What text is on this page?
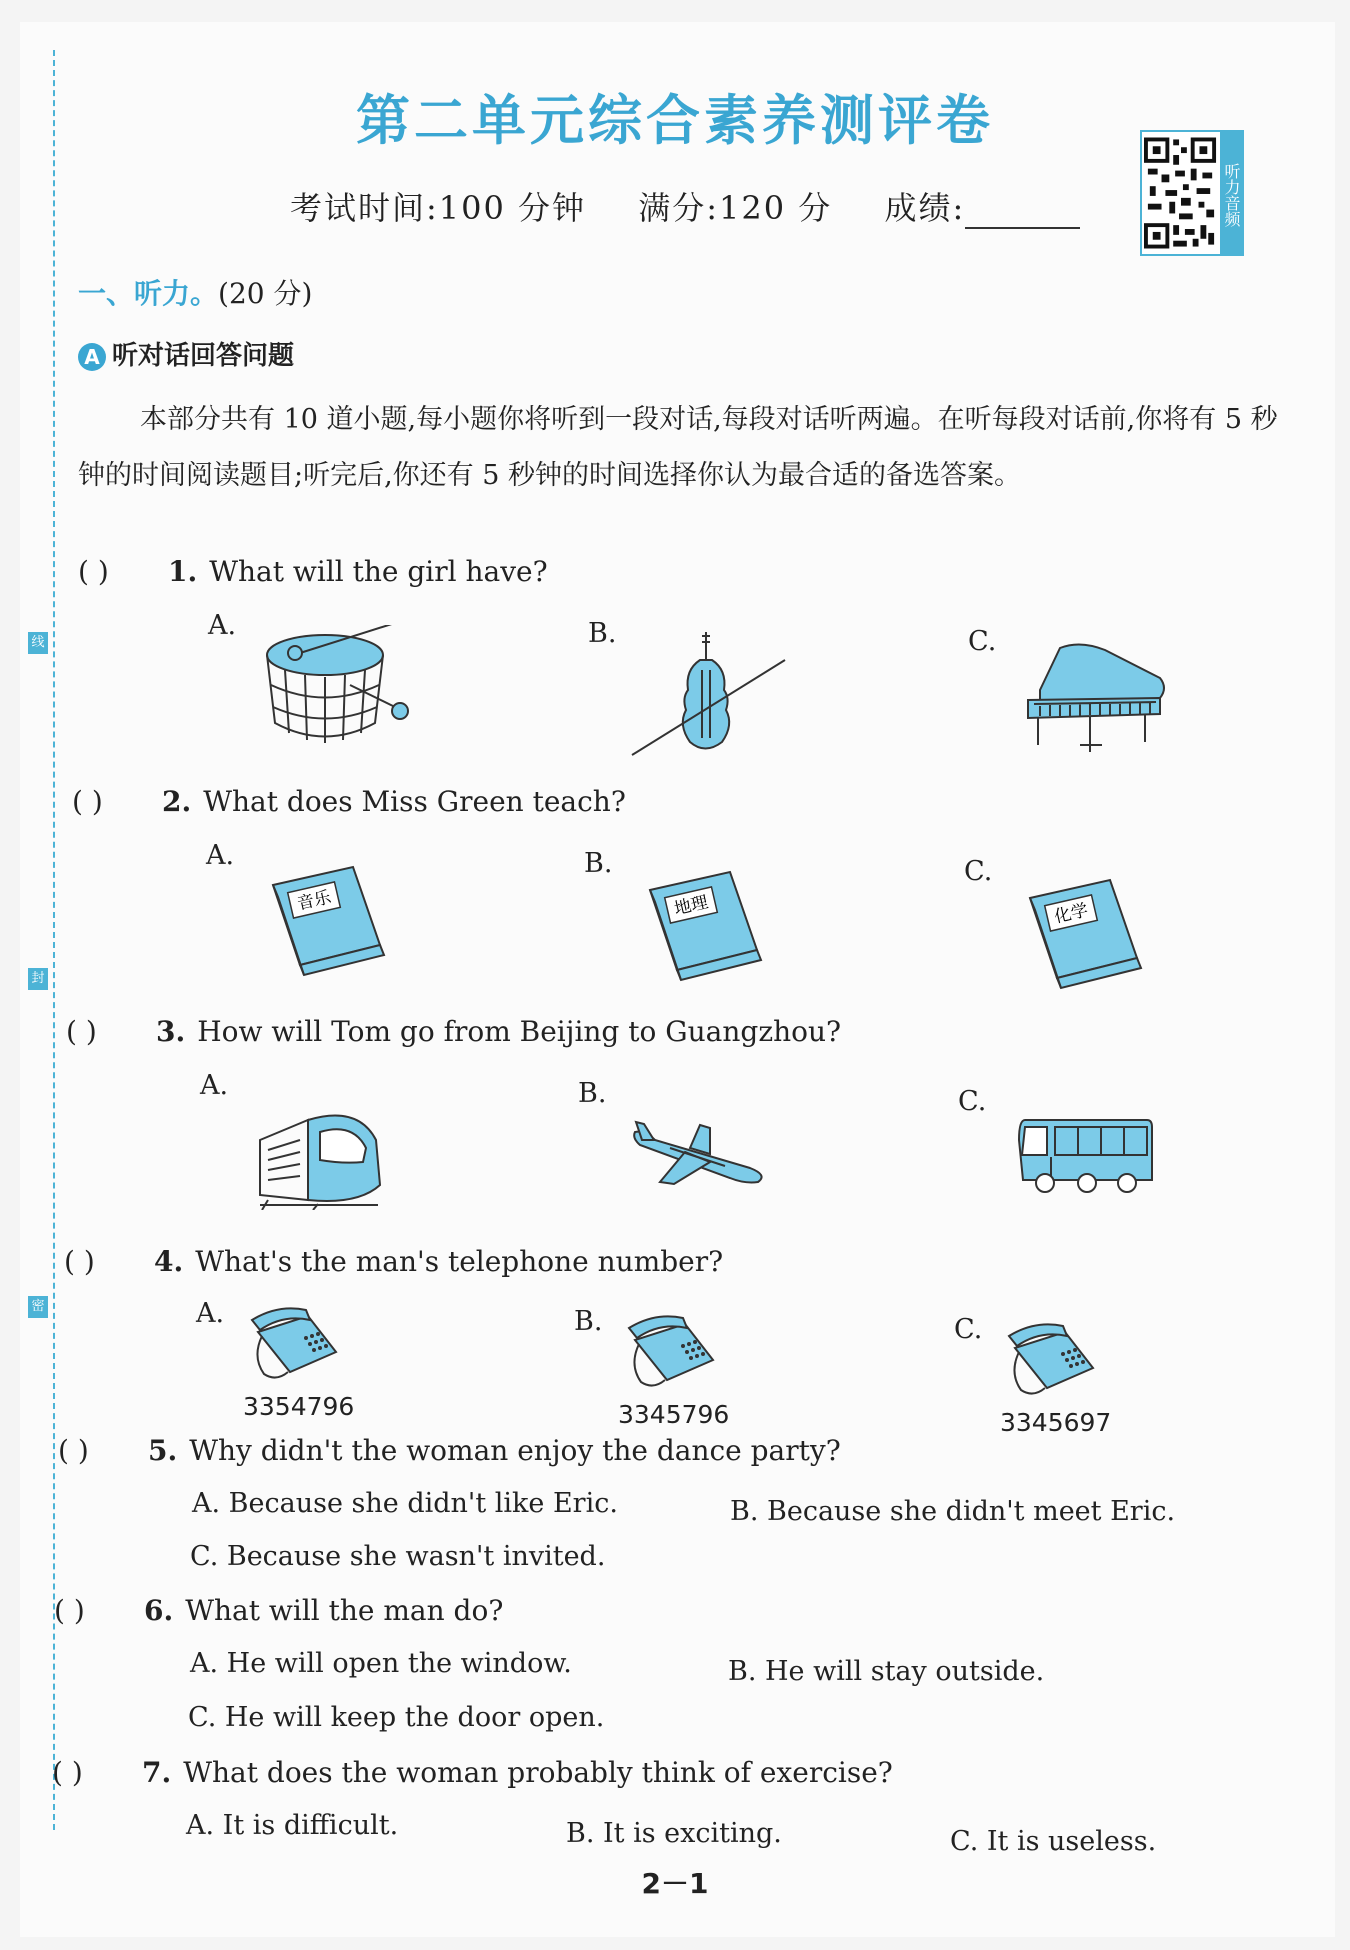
线
封
密
第二单元综合素养测评卷
考试时间:100 分钟 满分:120 分 成绩:	听力音频
一、听力。(20 分)
A 听对话回答问题
本部分共有 10 道小题,每小题你将听到一段对话,每段对话听两遍。在听每段对话前,你将有 5 秒钟的时间阅读题目;听完后,你还有 5 秒钟的时间选择你认为最合适的备选答案。
( ) 1. What will the girl have?
A.	B.	C.
( ) 2. What does Miss Green teach?
A.	B.	C.
音乐	地理	化学
( ) 3. How will Tom go from Beijing to Guangzhou?
A.	B.	C.
( ) 4. What's the man's telephone number?
A.	B.	C.
3354796	3345796	3345697
( ) 5. Why didn't the woman enjoy the dance party?
A. Because she didn't like Eric.	B. Because she didn't meet Eric.
C. Because she wasn't invited.
( ) 6. What will the man do?
A. He will open the window.	B. He will stay outside.
C. He will keep the door open.
( ) 7. What does the woman probably think of exercise?
A. It is difficult.	B. It is exciting.	C. It is useless.
2－1
